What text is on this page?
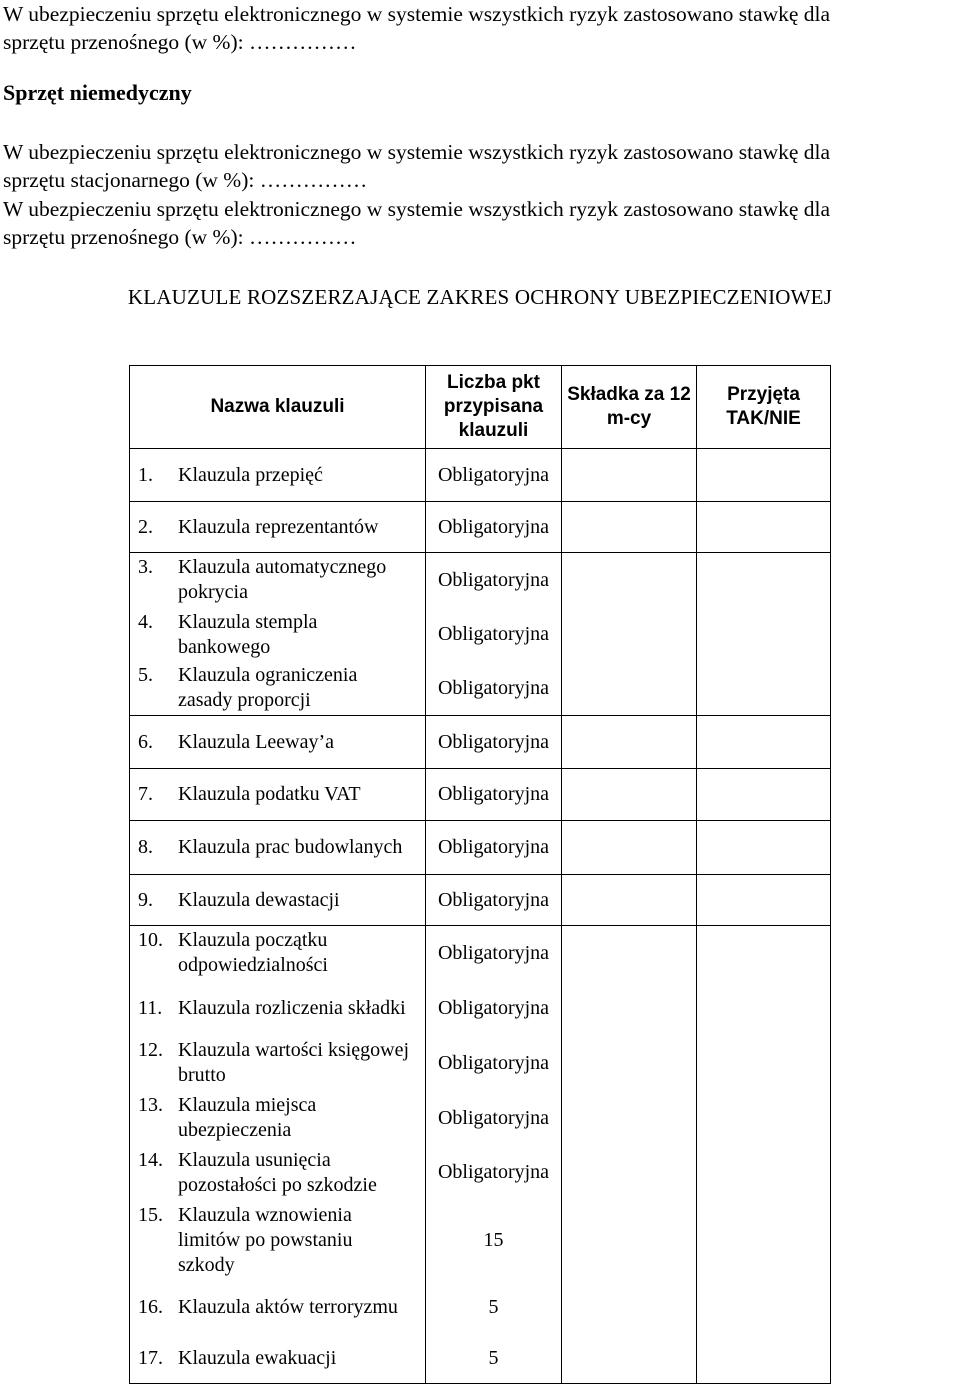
W ubezpieczeniu sprzętu elektronicznego w systemie wszystkich ryzyk zastosowano stawkę dla
sprzętu przenośnego (w %): ……………
Sprzęt niemedyczny
W ubezpieczeniu sprzętu elektronicznego w systemie wszystkich ryzyk zastosowano stawkę dla
sprzętu stacjonarnego (w %): ……………
W ubezpieczeniu sprzętu elektronicznego w systemie wszystkich ryzyk zastosowano stawkę dla
sprzętu przenośnego (w %): ……………
KLAUZULE ROZSZERZAJĄCE ZAKRES OCHRONY UBEZPIECZENIOWEJ
Nazwa klauzuli	Liczba pkt przypisana klauzuli	Składka za 12 m-cy	Przyjęta TAK/NIE

1. Klauzula przepięć	Obligatoryjna		

2. Klauzula reprezentantów	Obligatoryjna		

3. Klauzula automatycznego pokrycia	Obligatoryjna		

4. Klauzula stempla bankowego	Obligatoryjna		

5. Klauzula ograniczenia zasady proporcji	Obligatoryjna		

6. Klauzula Leeway’a	Obligatoryjna		

7. Klauzula podatku VAT	Obligatoryjna		

8. Klauzula prac budowlanych	Obligatoryjna		

9. Klauzula dewastacji	Obligatoryjna		

10. Klauzula początku odpowiedzialności	Obligatoryjna		

11. Klauzula rozliczenia składki	Obligatoryjna		

12. Klauzula wartości księgowej brutto	Obligatoryjna		

13. Klauzula miejsca ubezpieczenia	Obligatoryjna		

14. Klauzula usunięcia pozostałości po szkodzie	Obligatoryjna		

15. Klauzula wznowienia limitów po powstaniu szkody	15		

16. Klauzula aktów terroryzmu	5		

17. Klauzula ewakuacji	5		
